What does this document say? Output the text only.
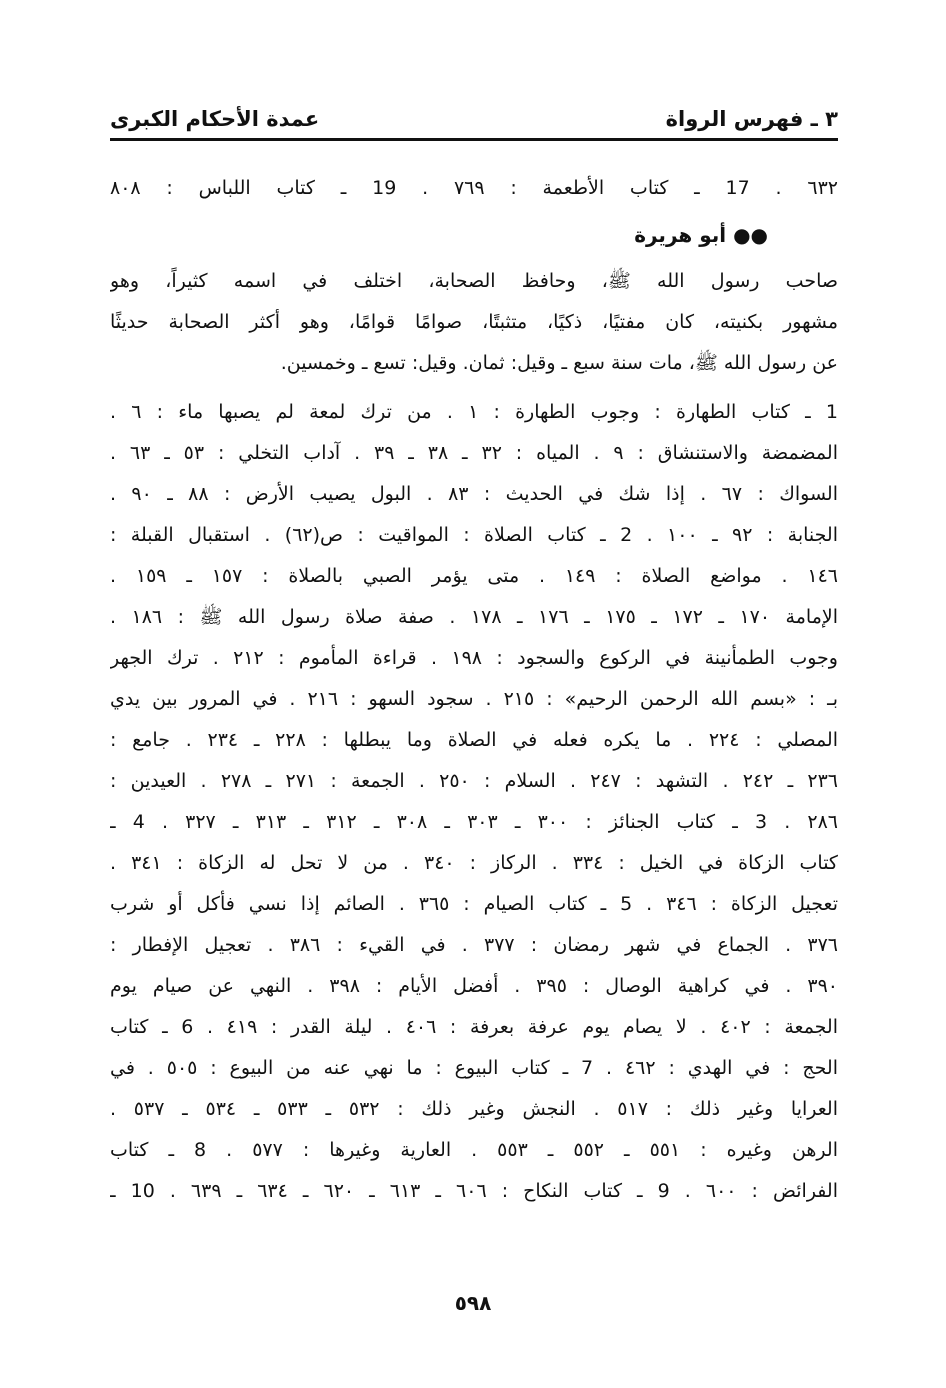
٣ ـ فهرس الرواة
عمدة الأحكام الكبرى
٦٣٢ . 17 ـ كتاب الأطعمة : ٧٦٩ . 19 ـ كتاب اللباس : ٨٠٨
●● أبو هريرة
صاحب رسول الله ﷺ، وحافظ الصحابة، اختلف في اسمه كثيراً، وهو
مشهور بكنيته، كان مفتيًا، ذكيًا، متثبتًا، صوامًا قوامًا، وهو أكثر الصحابة حديثًا
عن رسول الله ﷺ، مات سنة سبع ـ وقيل: ثمان. وقيل: تسع ـ وخمسين.
1 ـ كتاب الطهارة : وجوب الطهارة : ١ . من ترك لمعة لم يصبها ماء : ٦ .
المضمضة والاستنشاق : ٩ . المياه : ٣٢ ـ ٣٨ ـ ٣٩ . آداب التخلي : ٥٣ ـ ٦٣ .
السواك : ٦٧ . إذا شك في الحديث : ٨٣ . البول يصيب الأرض : ٨٨ ـ ٩٠ .
الجنابة : ٩٢ ـ ١٠٠ . 2 ـ كتاب الصلاة : المواقيت : ص(٦٢) . استقبال القبلة :
١٤٦ . مواضع الصلاة : ١٤٩ . متى يؤمر الصبي بالصلاة : ١٥٧ ـ ١٥٩ .
الإمامة ١٧٠ ـ ١٧٢ ـ ١٧٥ ـ ١٧٦ ـ ١٧٨ . صفة صلاة رسول الله ﷺ : ١٨٦ .
وجوب الطمأنينة في الركوع والسجود : ١٩٨ . قراءة المأموم : ٢١٢ . ترك الجهر
بـ : «بسم الله الرحمن الرحيم» : ٢١٥ . سجود السهو : ٢١٦ . في المرور بين يدي
المصلي : ٢٢٤ . ما يكره فعله في الصلاة وما يبطلها : ٢٢٨ ـ ٢٣٤ . جامع :
٢٣٦ ـ ٢٤٢ . التشهد : ٢٤٧ . السلام : ٢٥٠ . الجمعة : ٢٧١ ـ ٢٧٨ . العيدين :
٢٨٦ . 3 ـ كتاب الجنائز : ٣٠٠ ـ ٣٠٣ ـ ٣٠٨ ـ ٣١٢ ـ ٣١٣ ـ ٣٢٧ . 4 ـ
كتاب الزكاة في الخيل : ٣٣٤ . الركاز : ٣٤٠ . من لا تحل له الزكاة : ٣٤١ .
تعجيل الزكاة : ٣٤٦ . 5 ـ كتاب الصيام : ٣٦٥ . الصائم إذا نسي فأكل أو شرب
٣٧٦ . الجماع في شهر رمضان : ٣٧٧ . في القيء : ٣٨٦ . تعجيل الإفطار :
٣٩٠ . في كراهية الوصال : ٣٩٥ . أفضل الأيام : ٣٩٨ . النهي عن صيام يوم
الجمعة : ٤٠٢ . لا يصام يوم عرفة بعرفة : ٤٠٦ . ليلة القدر : ٤١٩ . 6 ـ كتاب
الحج : في الهدي : ٤٦٢ . 7 ـ كتاب البيوع : ما نهي عنه من البيوع : ٥٠٥ . في
العرايا وغير ذلك : ٥١٧ . النجش وغير ذلك : ٥٣٢ ـ ٥٣٣ ـ ٥٣٤ ـ ٥٣٧ .
الرهن وغيره : ٥٥١ ـ ٥٥٢ ـ ٥٥٣ . العارية وغيرها : ٥٧٧ . 8 ـ كتاب
الفرائض : ٦٠٠ . 9 ـ كتاب النكاح : ٦٠٦ ـ ٦١٣ ـ ٦٢٠ ـ ٦٣٤ ـ ٦٣٩ . 10 ـ
٥٩٨
